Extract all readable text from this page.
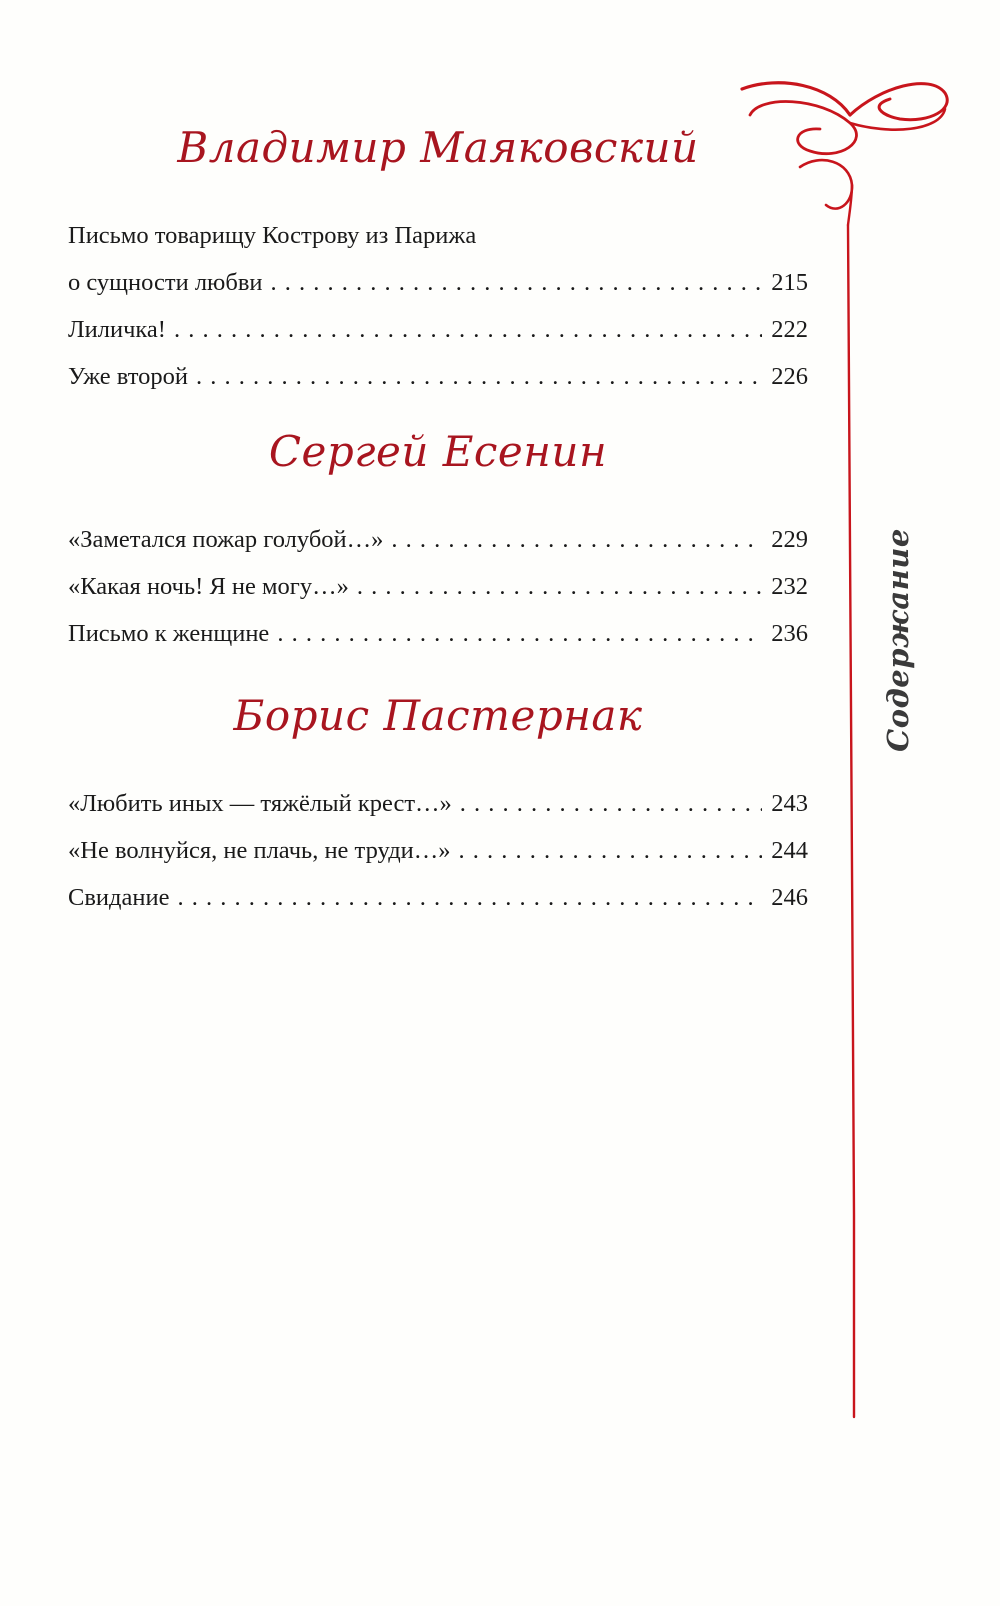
Содержание
Владимир Маяковский
Письмо товарищу Кострову из Парижа
о сущности любви . . .	215
Лиличка! . . .	222
Уже второй . . .	226
Сергей Есенин
«Заметался пожар голубой…» . . .	229
«Какая ночь! Я не могу…» . . .	232
Письмо к женщине . . .	236
Борис Пастернак
«Любить иных — тяжёлый крест…» . . .	243
«Не волнуйся, не плачь, не труди…» . . .	244
Свидание . . .	246
